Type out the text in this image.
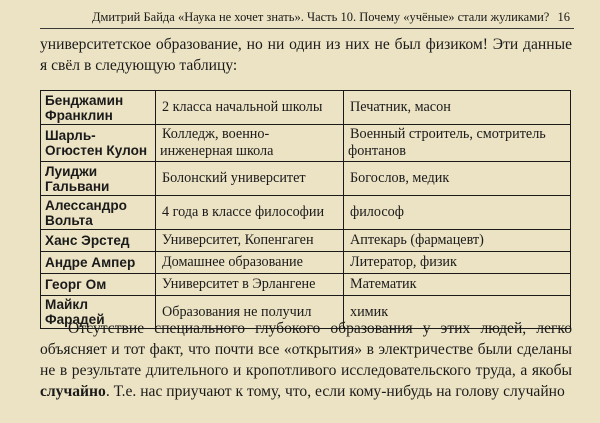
Дмитрий Байда «Наука не хочет знать». Часть 10. Почему «учёные» стали жуликами? 16
университетское образование, но ни один из них не был физиком! Эти данные я свёл в следующую таблицу:
Бенджамин Франклин	2 класса начальной школы	Печатник, масон
Шарль-Огюстен Кулон	Колледж, военно-инженерная школа	Военный строитель, смотритель фонтанов
Луиджи Гальвани	Болонский университет	Богослов, медик
Алессандро Вольта	4 года в классе философии	философ
Ханс Эрстед	Университет, Копенгаген	Аптекарь (фармацевт)
Андре Ампер	Домашнее образование	Литератор, физик
Георг Ом	Университет в Эрлангене	Математик
Майкл Фарадей	Образования не получил	химик

Отсутствие специального глубокого образования у этих людей, легко объясняет и тот факт, что почти все «открытия» в электричестве были сделаны не в результате длительного и кропотливого исследовательского труда, а якобы случайно. Т.е. нас приучают к тому, что, если кому-нибудь на голову случайно
